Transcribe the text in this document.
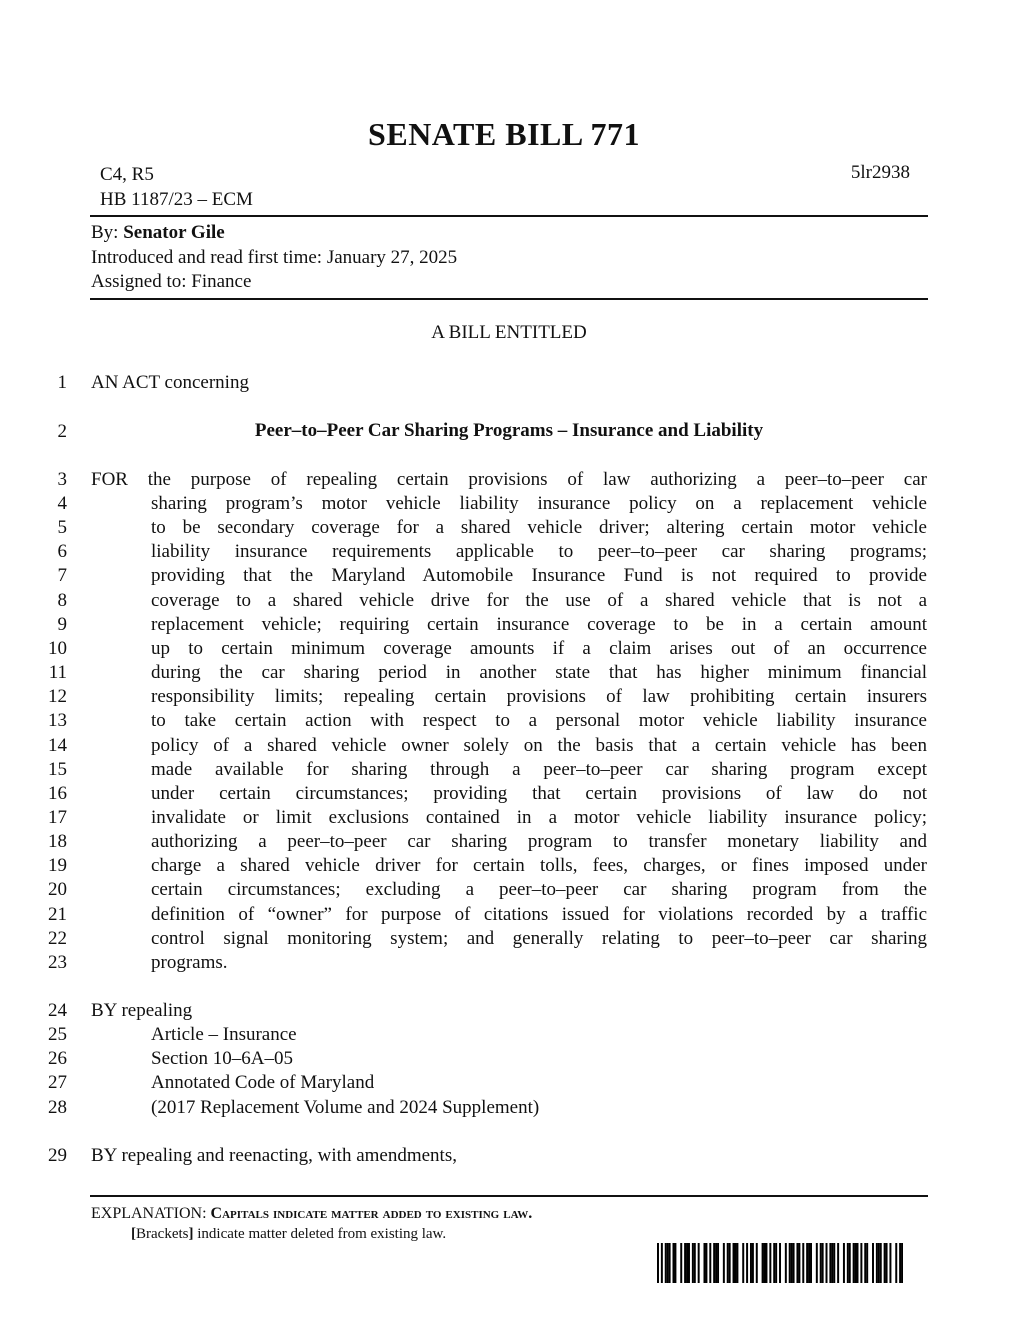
SENATE BILL 771
C4, R5
HB 1187/23 – ECM
5lr2938
By: Senator Gile
Introduced and read first time: January 27, 2025
Assigned to: Finance
A BILL ENTITLED
1 AN ACT concerning
2	Peer–to–Peer Car Sharing Programs – Insurance and Liability
3 FOR the purpose of repealing certain provisions of law authorizing a peer–to–peer car
4	sharing program’s motor vehicle liability insurance policy on a replacement vehicle
5	to be secondary coverage for a shared vehicle driver; altering certain motor vehicle
6	liability insurance requirements applicable to peer–to–peer car sharing programs;
7	providing that the Maryland Automobile Insurance Fund is not required to provide
8	coverage to a shared vehicle drive for the use of a shared vehicle that is not a
9	replacement vehicle; requiring certain insurance coverage to be in a certain amount
10	up to certain minimum coverage amounts if a claim arises out of an occurrence
11	during the car sharing period in another state that has higher minimum financial
12	responsibility limits; repealing certain provisions of law prohibiting certain insurers
13	to take certain action with respect to a personal motor vehicle liability insurance
14	policy of a shared vehicle owner solely on the basis that a certain vehicle has been
15	made available for sharing through a peer–to–peer car sharing program except
16	under certain circumstances; providing that certain provisions of law do not
17	invalidate or limit exclusions contained in a motor vehicle liability insurance policy;
18	authorizing a peer–to–peer car sharing program to transfer monetary liability and
19	charge a shared vehicle driver for certain tolls, fees, charges, or fines imposed under
20	certain circumstances; excluding a peer–to–peer car sharing program from the
21	definition of “owner” for purpose of citations issued for violations recorded by a traffic
22	control signal monitoring system; and generally relating to peer–to–peer car sharing
23	programs.
24 BY repealing
25	Article – Insurance
26	Section 10–6A–05
27	Annotated Code of Maryland
28	(2017 Replacement Volume and 2024 Supplement)
29 BY repealing and reenacting, with amendments,
EXPLANATION: Capitals indicate matter added to existing law.
[Brackets] indicate matter deleted from existing law.
